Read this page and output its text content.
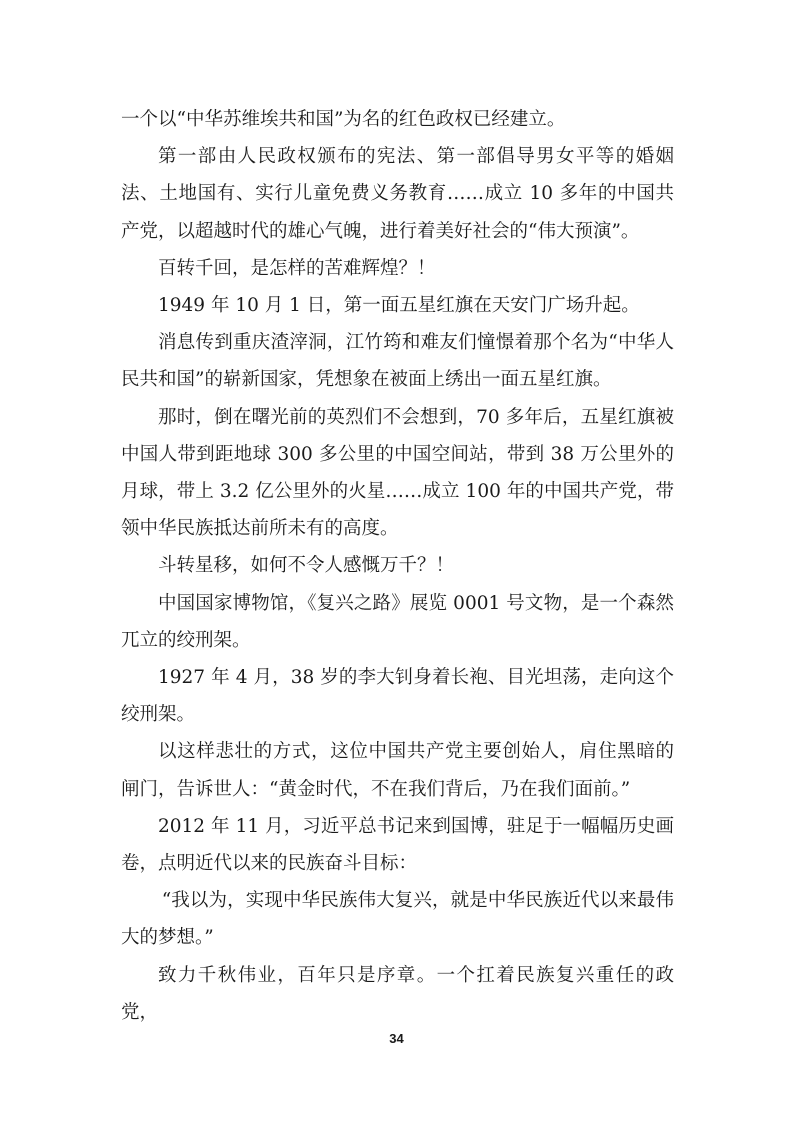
一个以“中华苏维埃共和国”为名的红色政权已经建立。

第一部由人民政权颁布的宪法、第一部倡导男女平等的婚姻法、土地国有、实行儿童免费义务教育……成立 10 多年的中国共产党，以超越时代的雄心气魄，进行着美好社会的“伟大预演”。

百转千回，是怎样的苦难辉煌？！

1949 年 10 月 1 日，第一面五星红旗在天安门广场升起。

消息传到重庆渣滓洞，江竹筠和难友们憧憬着那个名为“中华人民共和国”的崭新国家，凭想象在被面上绣出一面五星红旗。

那时，倒在曙光前的英烈们不会想到，70 多年后，五星红旗被中国人带到距地球 300 多公里的中国空间站，带到 38 万公里外的月球，带上 3.2 亿公里外的火星……成立 100 年的中国共产党，带领中华民族抵达前所未有的高度。

斗转星移，如何不令人感慨万千？！

中国国家博物馆，《复兴之路》展览 0001 号文物，是一个森然兀立的绞刑架。

1927 年 4 月，38 岁的李大钊身着长袍、目光坦荡，走向这个绞刑架。

以这样悲壮的方式，这位中国共产党主要创始人，肩住黑暗的闸门，告诉世人：“黄金时代，不在我们背后，乃在我们面前。”

2012 年 11 月，习近平总书记来到国博，驻足于一幅幅历史画卷，点明近代以来的民族奋斗目标：

“我以为，实现中华民族伟大复兴，就是中华民族近代以来最伟大的梦想。”

致力千秋伟业，百年只是序章。一个扛着民族复兴重任的政党，

34
